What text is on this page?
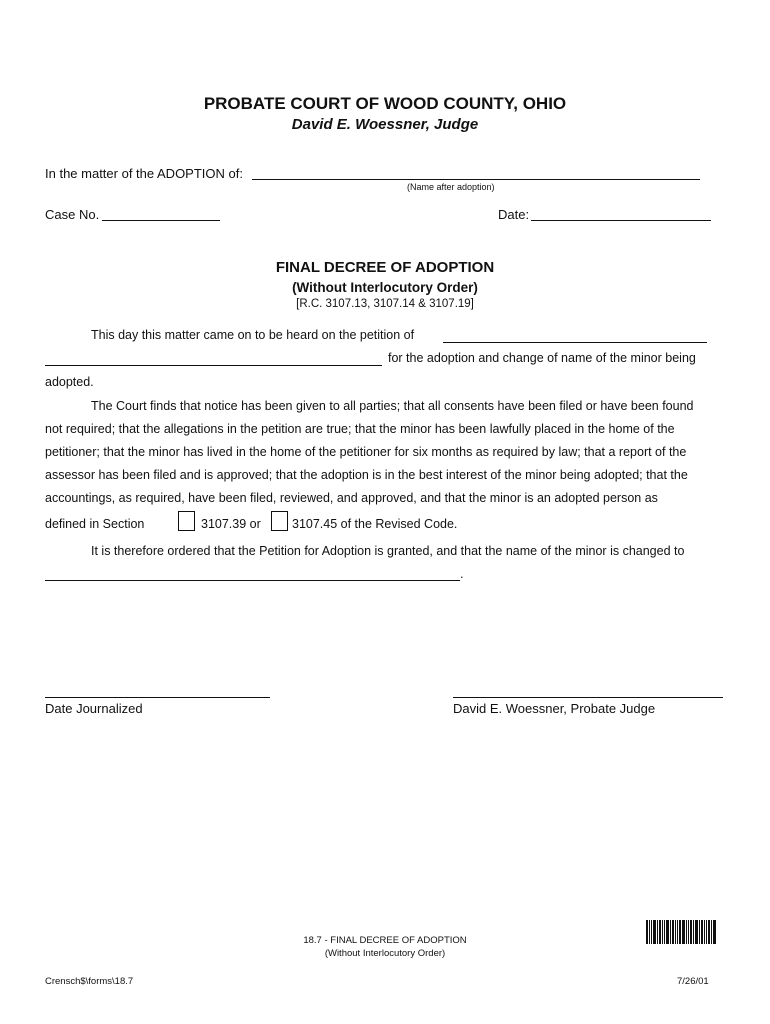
PROBATE COURT OF WOOD COUNTY, OHIO
David E. Woessner, Judge
In the matter of the ADOPTION of:
(Name after adoption)
Case No.	Date:
FINAL DECREE OF ADOPTION
(Without Interlocutory Order)
[R.C. 3107.13, 3107.14 & 3107.19]
This day this matter came on to be heard on the petition of
for the adoption and change of name of the minor being
adopted.
The Court finds that notice has been given to all parties; that all consents have been filed or have been found
not required; that the allegations in the petition are true; that the minor has been lawfully placed in the home of the
petitioner; that the minor has lived in the home of the petitioner for six months as required by law; that a report of the
assessor has been filed and is approved; that the adoption is in the best interest of the minor being adopted; that the
accountings, as required, have been filed, reviewed, and approved, and that the minor is an adopted person as
defined in Section	3107.39 or 3107.45 of the Revised Code.
It is therefore ordered that the Petition for Adoption is granted, and that the name of the minor is changed to
.
Date Journalized	David E. Woessner, Probate Judge
18.7 - FINAL DECREE OF ADOPTION
(Without Interlocutory Order)
Crensch$\forms\18.7	7/26/01
